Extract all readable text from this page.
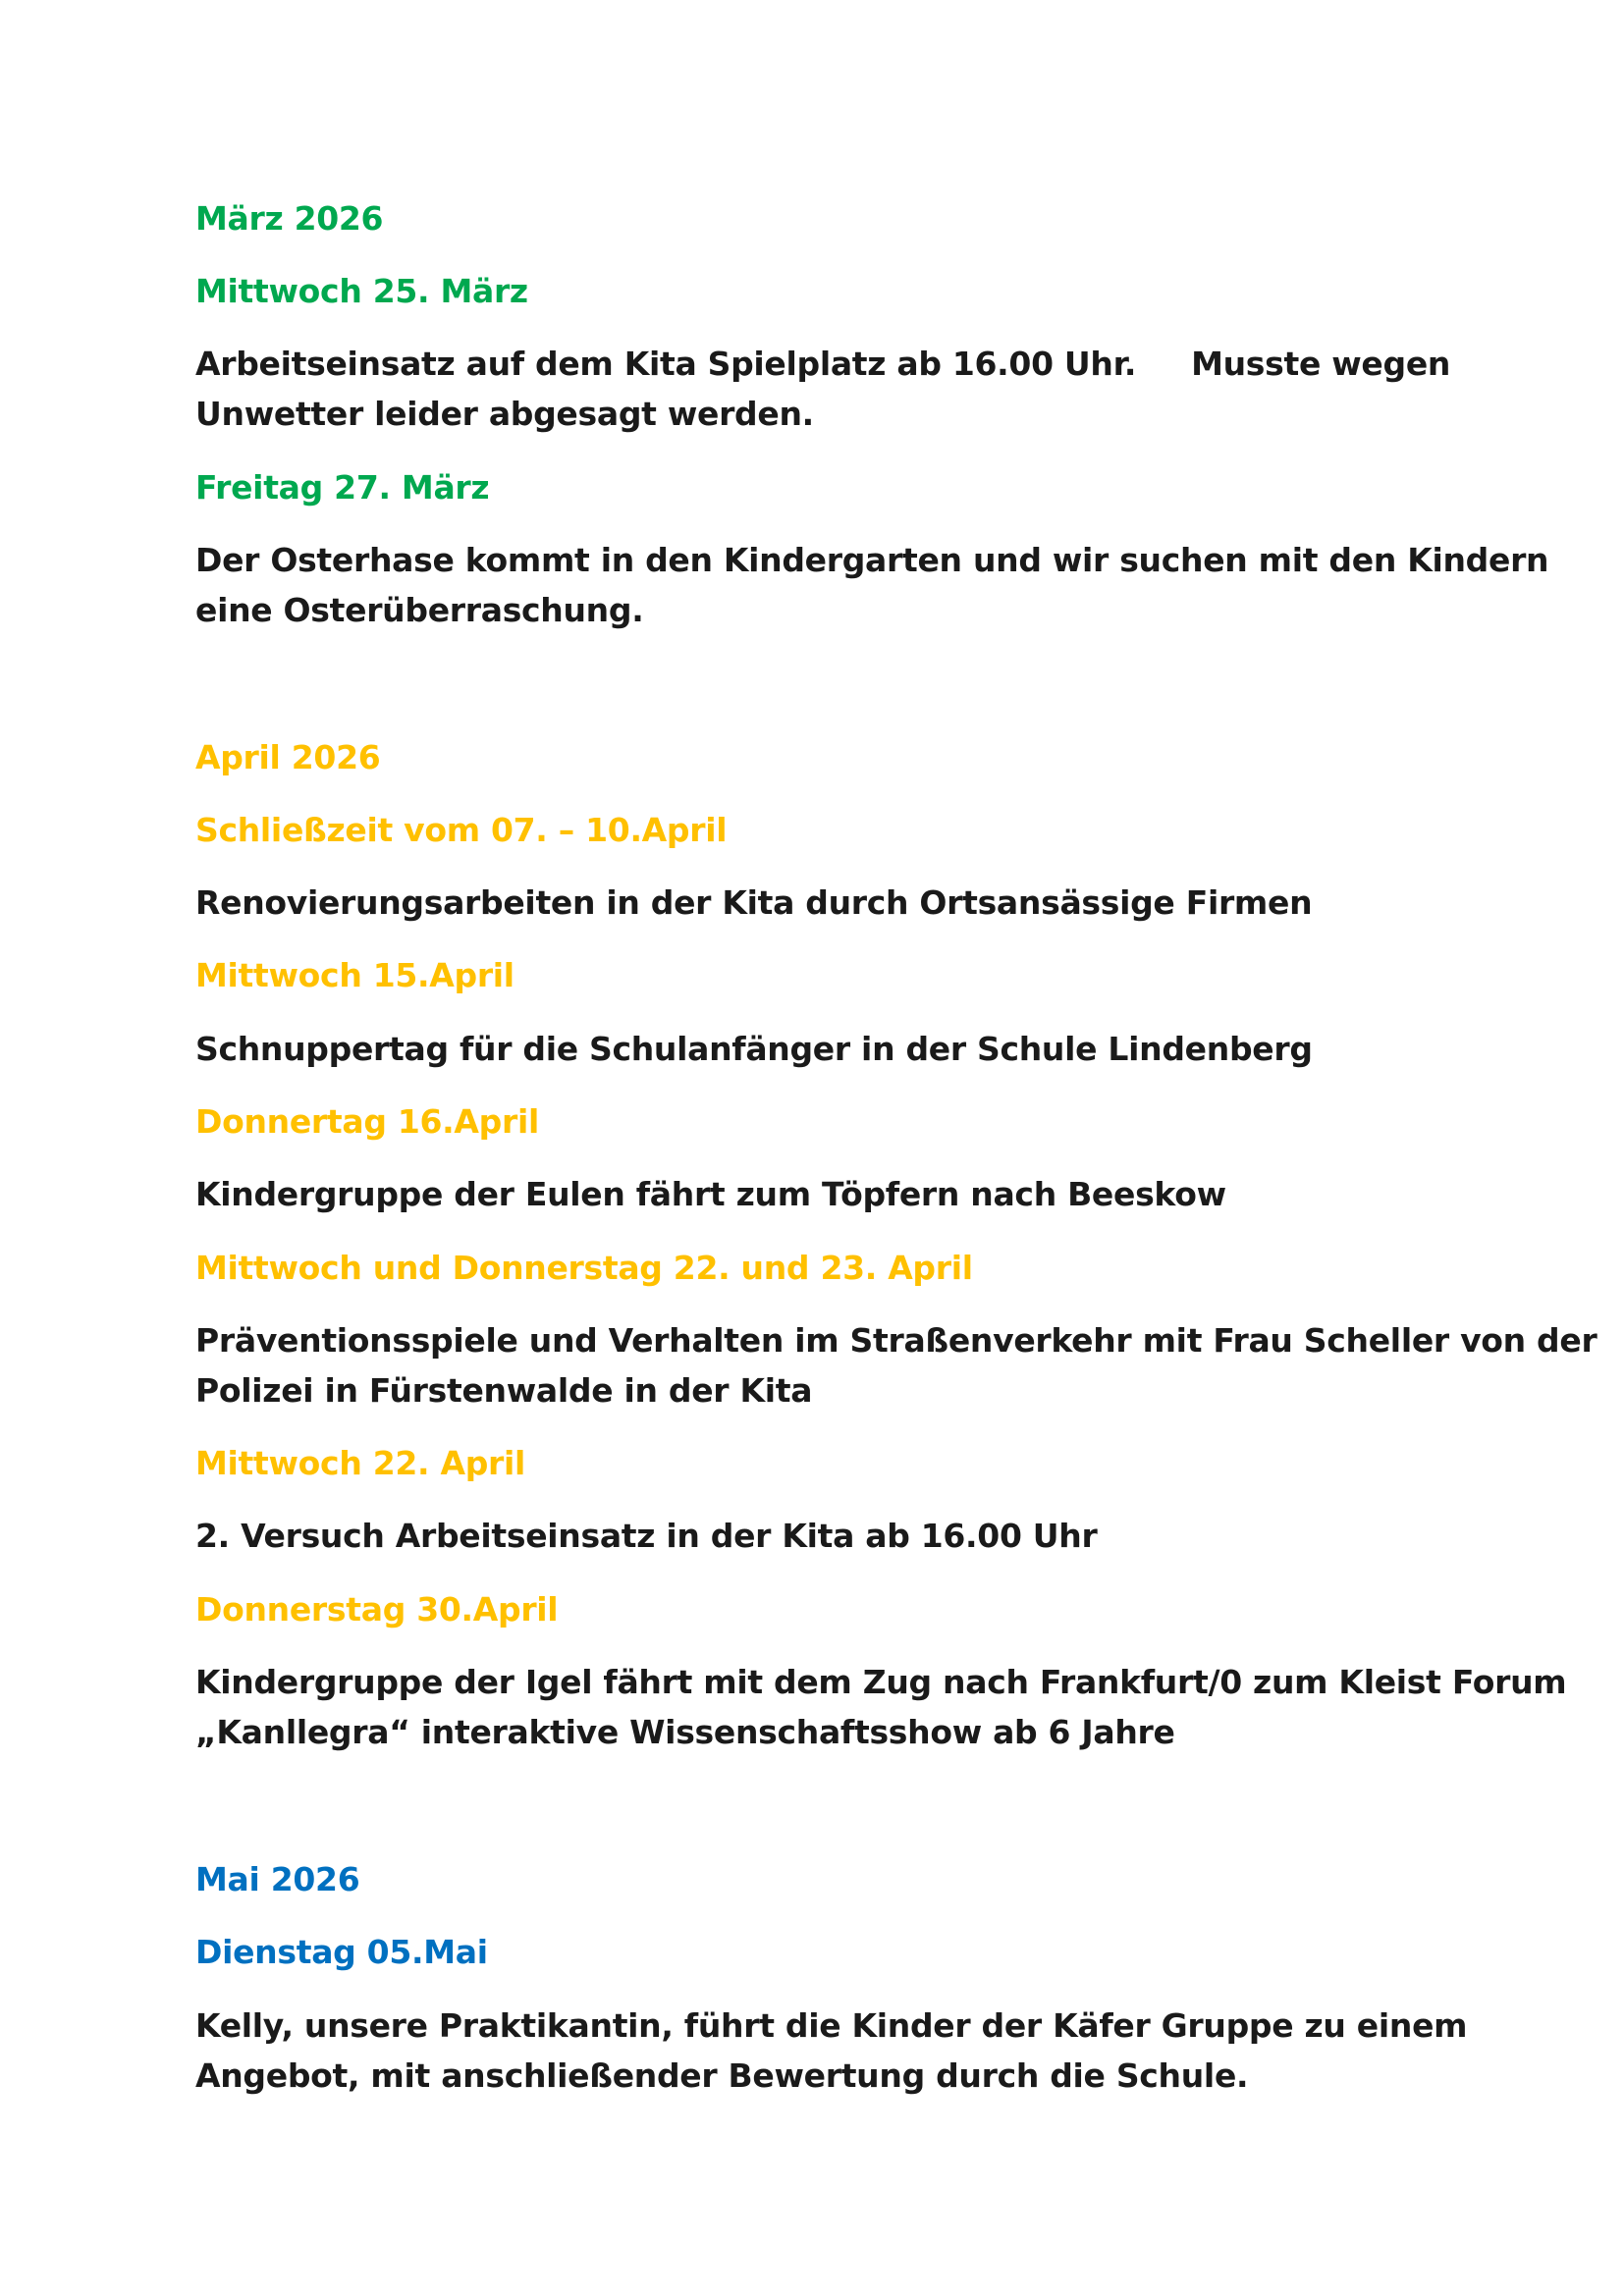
März 2026

Mittwoch 25. März

Arbeitseinsatz auf dem Kita Spielplatz ab 16.00 Uhr.     Musste wegen

Unwetter leider abgesagt werden.

Freitag 27. März

Der Osterhase kommt in den Kindergarten und wir suchen mit den Kindern

eine Osterüberraschung.

April 2026

Schließzeit vom 07. – 10.April

Renovierungsarbeiten in der Kita durch Ortsansässige Firmen

Mittwoch 15.April

Schnuppertag für die Schulanfänger in der Schule Lindenberg

Donnertag 16.April

Kindergruppe der Eulen fährt zum Töpfern nach Beeskow

Mittwoch und Donnerstag 22. und 23. April

Präventionsspiele und Verhalten im Straßenverkehr mit Frau Scheller von der

Polizei in Fürstenwalde in der Kita

Mittwoch 22. April

2. Versuch Arbeitseinsatz in der Kita ab 16.00 Uhr

Donnerstag 30.April

Kindergruppe der Igel fährt mit dem Zug nach Frankfurt/0 zum Kleist Forum

„Kanllegra“ interaktive Wissenschaftsshow ab 6 Jahre

Mai 2026

Dienstag 05.Mai

Kelly, unsere Praktikantin, führt die Kinder der Käfer Gruppe zu einem

Angebot, mit anschließender Bewertung durch die Schule.
